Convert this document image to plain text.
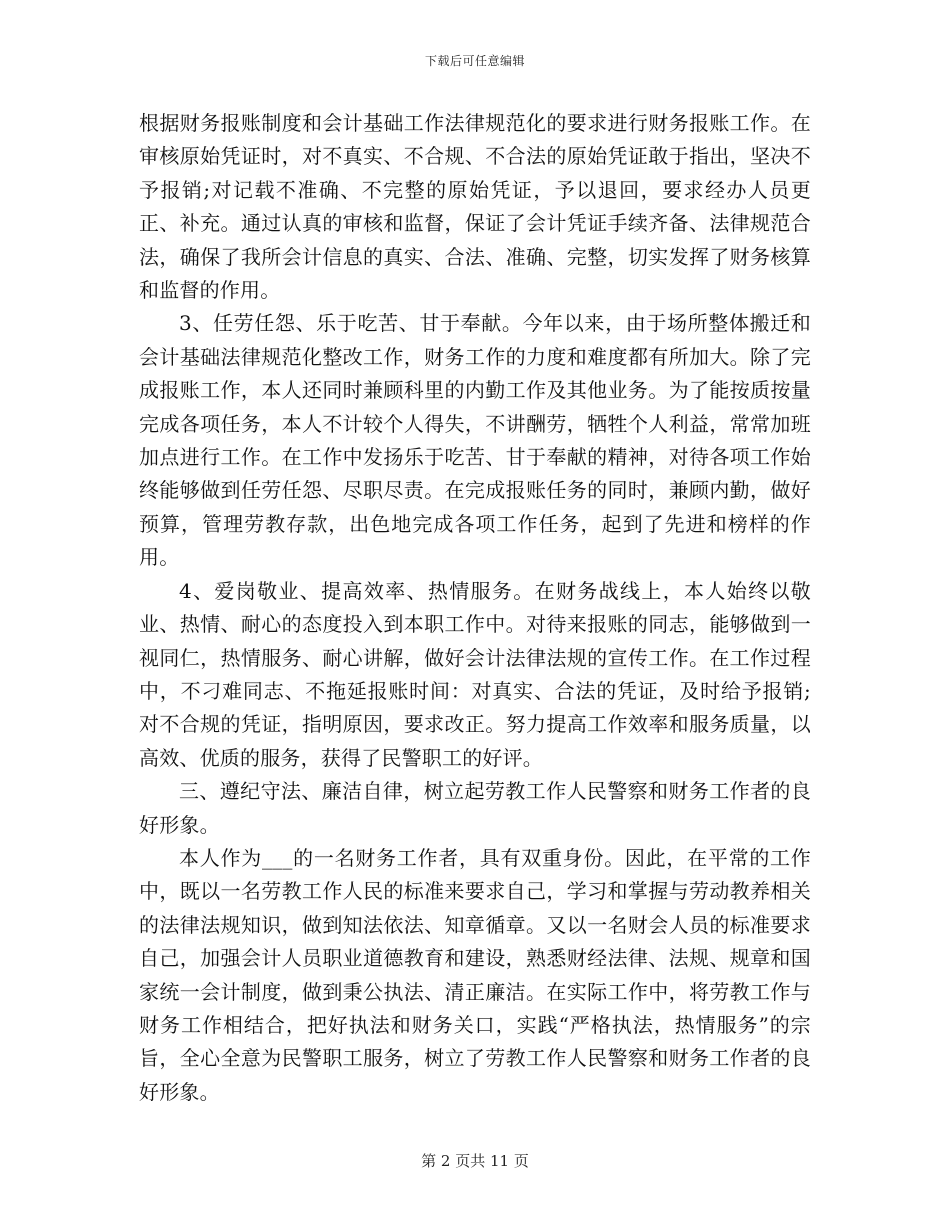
下载后可任意编辑

根据财务报账制度和会计基础工作法律规范化的要求进行财务报账工作。在审核原始凭证时，对不真实、不合规、不合法的原始凭证敢于指出，坚决不予报销;对记载不准确、不完整的原始凭证，予以退回，要求经办人员更正、补充。通过认真的审核和监督，保证了会计凭证手续齐备、法律规范合法，确保了我所会计信息的真实、合法、准确、完整，切实发挥了财务核算和监督的作用。

3、任劳任怨、乐于吃苦、甘于奉献。今年以来，由于场所整体搬迁和会计基础法律规范化整改工作，财务工作的力度和难度都有所加大。除了完成报账工作，本人还同时兼顾科里的内勤工作及其他业务。为了能按质按量完成各项任务，本人不计较个人得失，不讲酬劳，牺牲个人利益，常常加班加点进行工作。在工作中发扬乐于吃苦、甘于奉献的精神，对待各项工作始终能够做到任劳任怨、尽职尽责。在完成报账任务的同时，兼顾内勤，做好预算，管理劳教存款，出色地完成各项工作任务，起到了先进和榜样的作用。

4、爱岗敬业、提高效率、热情服务。在财务战线上，本人始终以敬业、热情、耐心的态度投入到本职工作中。对待来报账的同志，能够做到一视同仁，热情服务、耐心讲解，做好会计法律法规的宣传工作。在工作过程中，不刁难同志、不拖延报账时间：对真实、合法的凭证，及时给予报销;对不合规的凭证，指明原因，要求改正。努力提高工作效率和服务质量，以高效、优质的服务，获得了民警职工的好评。

三、遵纪守法、廉洁自律，树立起劳教工作人民警察和财务工作者的良好形象。

本人作为___的一名财务工作者，具有双重身份。因此，在平常的工作中，既以一名劳教工作人民的标准来要求自己，学习和掌握与劳动教养相关的法律法规知识，做到知法依法、知章循章。又以一名财会人员的标准要求自己，加强会计人员职业道德教育和建设，熟悉财经法律、法规、规章和国家统一会计制度，做到秉公执法、清正廉洁。在实际工作中，将劳教工作与财务工作相结合，把好执法和财务关口，实践“严格执法，热情服务”的宗旨，全心全意为民警职工服务，树立了劳教工作人民警察和财务工作者的良好形象。

第 2 页共 11 页
